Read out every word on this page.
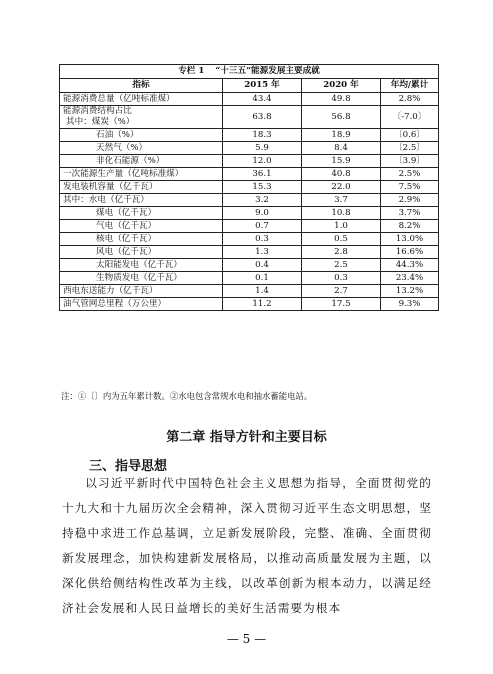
专栏 1 “十三五”能源发展主要成就			
指标	2015 年	2020 年	年均/累计
能源消费总量（亿吨标准煤）	43.4	49.8	2.8%

能源消费结构占比
其中：煤炭（%）	63.8	56.8	〔-7.0〕
石油（%）	18.3	18.9	〔0.6〕
天然气（%）	5.9	8.4	〔2.5〕
非化石能源（%）	12.0	15.9	〔3.9〕
一次能源生产量（亿吨标准煤）	36.1	40.8	2.5%
发电装机容量（亿千瓦）	15.3	22.0	7.5%
其中：水电（亿千瓦）	3.2	3.7	2.9%
煤电（亿千瓦）	9.0	10.8	3.7%
气电（亿千瓦）	0.7	1.0	8.2%
核电（亿千瓦）	0.3	0.5	13.0%
风电（亿千瓦）	1.3	2.8	16.6%
太阳能发电（亿千瓦）	0.4	2.5	44.3%
生物质发电（亿千瓦）	0.1	0.3	23.4%
西电东送能力（亿千瓦）	1.4	2.7	13.2%
油气管网总里程（万公里）	11.2	17.5	9.3%
注：①〔〕内为五年累计数。②水电包含常规水电和抽水蓄能电站。
第二章 指导方针和主要目标
三、指导思想
以习近平新时代中国特色社会主义思想为指导，全面贯彻党的十九大和十九届历次全会精神，深入贯彻习近平生态文明思想，坚持稳中求进工作总基调，立足新发展阶段，完整、准确、全面贯彻新发展理念，加快构建新发展格局，以推动高质量发展为主题，以深化供给侧结构性改革为主线，以改革创新为根本动力，以满足经济社会发展和人民日益增长的美好生活需要为根本
— 5 —
